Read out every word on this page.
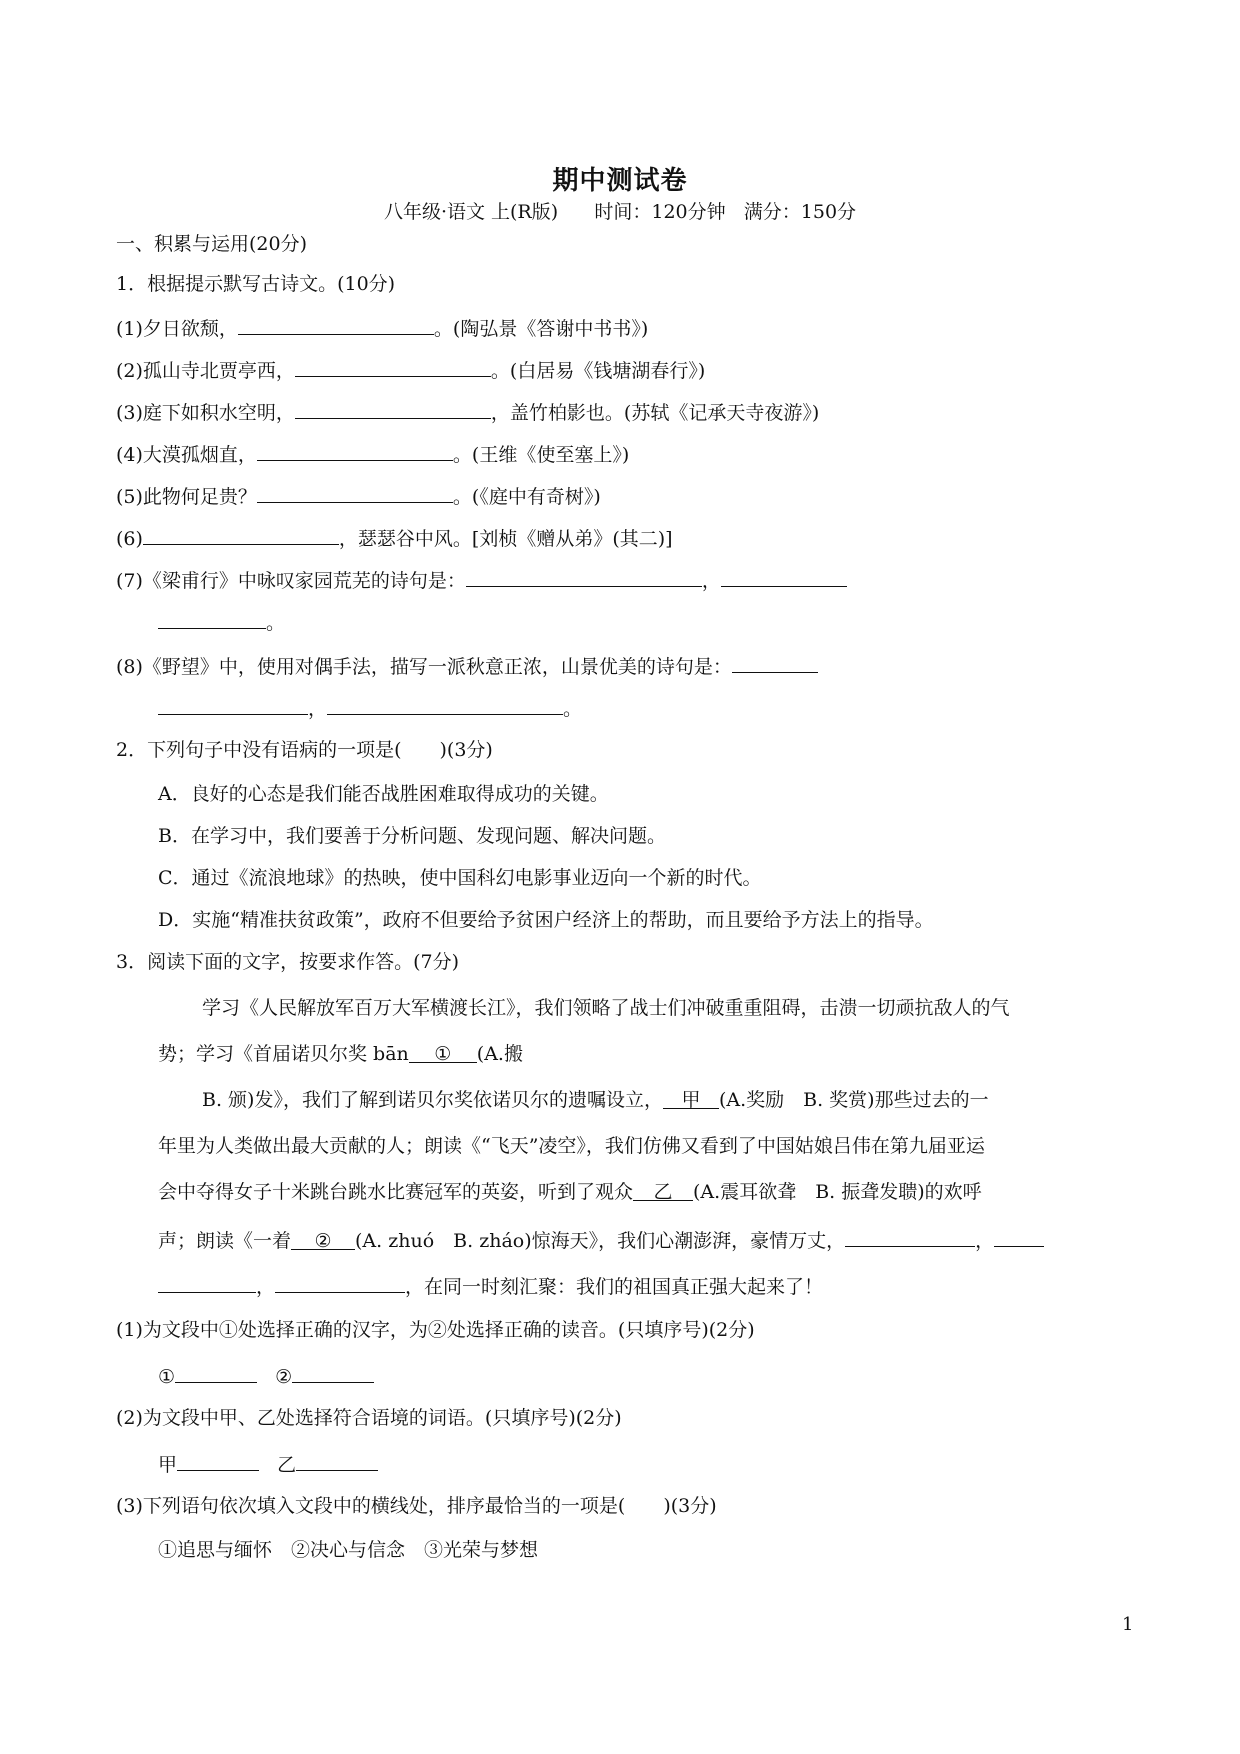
期中测试卷
八年级·语文 上(R版)      时间：120分钟   满分：150分
一、积累与运用(20分)
1．根据提示默写古诗文。(10分)
(1)夕日欲颓，	。(陶弘景《答谢中书书》)
(2)孤山寺北贾亭西，	。(白居易《钱塘湖春行》)
(3)庭下如积水空明，	，盖竹柏影也。(苏轼《记承天寺夜游》)
(4)大漠孤烟直，	。(王维《使至塞上》)
(5)此物何足贵？	。(《庭中有奇树》)
(6)	，瑟瑟谷中风。[刘桢《赠从弟》(其二)]
(7)《梁甫行》中咏叹家园荒芜的诗句是：	，
。
(8)《野望》中，使用对偶手法，描写一派秋意正浓，山景优美的诗句是：
，	。
2．下列句子中没有语病的一项是(　　)(3分)
A．良好的心态是我们能否战胜困难取得成功的关键。
B．在学习中，我们要善于分析问题、发现问题、解决问题。
C．通过《流浪地球》的热映，使中国科幻电影事业迈向一个新的时代。
D．实施“精准扶贫政策”，政府不但要给予贫困户经济上的帮助，而且要给予方法上的指导。
3．阅读下面的文字，按要求作答。(7分)
学习《人民解放军百万大军横渡长江》，我们领略了战士们冲破重重阻碍，击溃一切顽抗敌人的气
势；学习《首届诺贝尔奖 bān ① (A.搬
B. 颁)发》，我们了解到诺贝尔奖依诺贝尔的遗嘱设立， 甲 (A.奖励　B. 奖赏)那些过去的一
年里为人类做出最大贡献的人；朗读《“飞天”凌空》，我们仿佛又看到了中国姑娘吕伟在第九届亚运
会中夺得女子十米跳台跳水比赛冠军的英姿，听到了观众 乙 (A.震耳欲聋　B. 振聋发聩)的欢呼
声；朗读《一着 ② (A. zhuó　B. zháo)惊海天》，我们心潮澎湃，豪情万丈，	，
，	，在同一时刻汇聚：我们的祖国真正强大起来了！
(1)为文段中①处选择正确的汉字，为②处选择正确的读音。(只填序号)(2分)
①	②
(2)为文段中甲、乙处选择符合语境的词语。(只填序号)(2分)
甲	乙
(3)下列语句依次填入文段中的横线处，排序最恰当的一项是(　　)(3分)
①追思与缅怀　②决心与信念　③光荣与梦想
1
